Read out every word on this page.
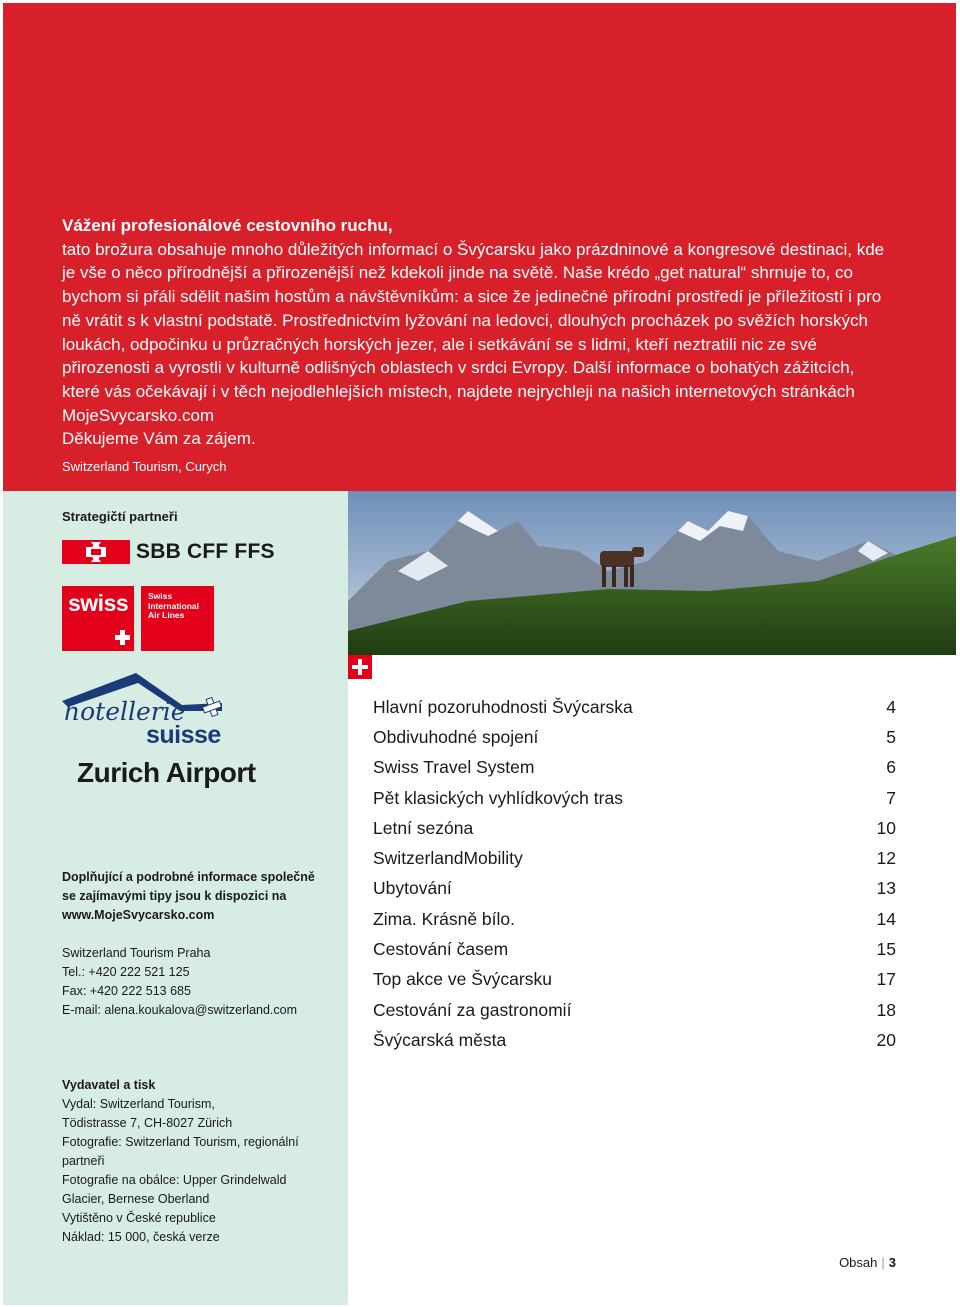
Vážení profesionálové cestovního ruchu,
tato brožura obsahuje mnoho důležitých informací o Švýcarsku jako prázdninové a kongresové destinaci, kde je vše o něco přírodnější a přirozenější než kdekoli jinde na světě. Naše krédo „get natural“ shrnuje to, co bychom si přáli sdělit našim hostům a návštěvníkům: a sice že jedinečné přírodní prostředí je příležitostí i pro ně vrátit s k vlastní podstatě. Prostřednictvím lyžování na ledovci, dlouhých procházek po svěžích horských loukách, odpočinku u průzračných horských jezer, ale i setkávání se s lidmi, kteří neztratili nic ze své přirozenosti a vyrostli v kulturně odlišných oblastech v srdci Evropy. Další informace o bohatých zážitcích, které vás očekávají i v těch nejodlehlejších místech, najdete nejrychleji na našich internetových stránkách MojeSvycarsko.com
Děkujeme Vám za zájem.
Switzerland Tourism, Curych
Strategičtí partneři
SBB CFF FFS
swiss Swiss
International
Air Lines
hotellerie
suisse
Zurich Airport
Doplňující a podrobné informace společně
se zajímavými tipy jsou k dispozici na
www.MojeSvycarsko.com
Switzerland Tourism Praha
Tel.: +420 222 521 125
Fax: +420 222 513 685
E-mail: alena.koukalova@switzerland.com
Vydavatel a tisk
Vydal: Switzerland Tourism,
Tödistrasse 7, CH-8027 Zürich
Fotografie: Switzerland Tourism, regionální
partneři
Fotografie na obálce: Upper Grindelwald
Glacier, Bernese Oberland
Vytištěno v České republice
Náklad: 15 000, česká verze
Hlavní pozoruhodnosti Švýcarska	4
Obdivuhodné spojení	5
Swiss Travel System	6
Pět klasických vyhlídkových tras	7
Letní sezóna	10
SwitzerlandMobility	12
Ubytování	13
Zima. Krásně bílo.	14
Cestování časem	15
Top akce ve Švýcarsku	17
Cestování za gastronomií	18
Švýcarská města	20
Obsah | 3
